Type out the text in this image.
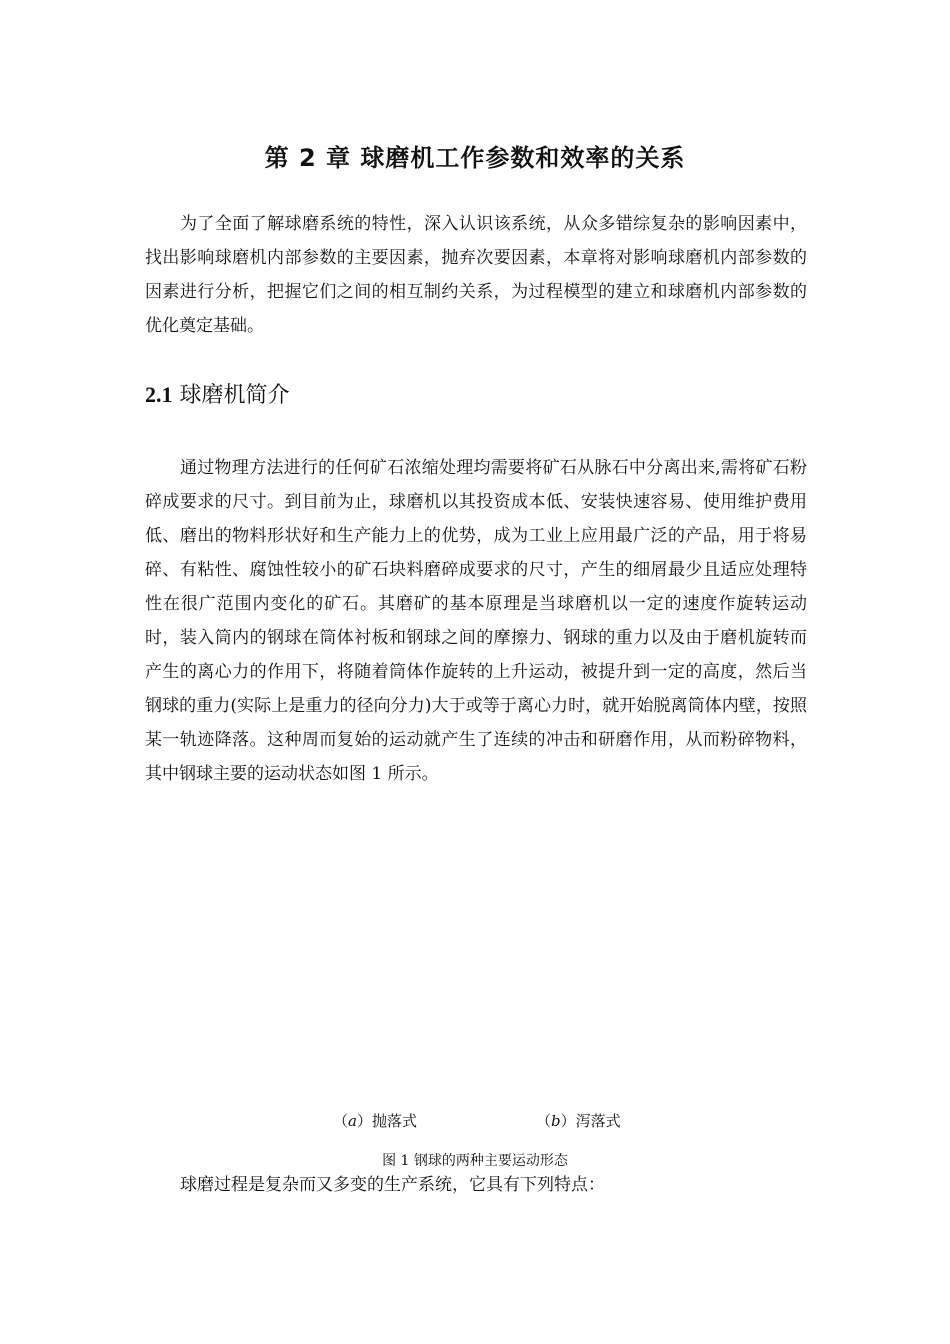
第 2 章 球磨机工作参数和效率的关系

为了全面了解球磨系统的特性，深入认识该系统，从众多错综复杂的影响因素中，找出影响球磨机内部参数的主要因素，抛弃次要因素，本章将对影响球磨机内部参数的因素进行分析，把握它们之间的相互制约关系，为过程模型的建立和球磨机内部参数的优化奠定基础。

2.1 球磨机简介

通过物理方法进行的任何矿石浓缩处理均需要将矿石从脉石中分离出来,需将矿石粉碎成要求的尺寸。到目前为止，球磨机以其投资成本低、安装快速容易、使用维护费用低、磨出的物料形状好和生产能力上的优势，成为工业上应用最广泛的产品，用于将易碎、有粘性、腐蚀性较小的矿石块料磨碎成要求的尺寸，产生的细屑最少且适应处理特性在很广范围内变化的矿石。其磨矿的基本原理是当球磨机以一定的速度作旋转运动时，装入筒内的钢球在筒体衬板和钢球之间的摩擦力、钢球的重力以及由于磨机旋转而产生的离心力的作用下，将随着筒体作旋转的上升运动，被提升到一定的高度，然后当钢球的重力(实际上是重力的径向分力)大于或等于离心力时，就开始脱离筒体内壁，按照某一轨迹降落。这种周而复始的运动就产生了连续的冲击和研磨作用，从而粉碎物料，其中钢球主要的运动状态如图 1 所示。

（a）抛落式	（b）泻落式
图 1 钢球的两种主要运动形态

球磨过程是复杂而又多变的生产系统，它具有下列特点：
